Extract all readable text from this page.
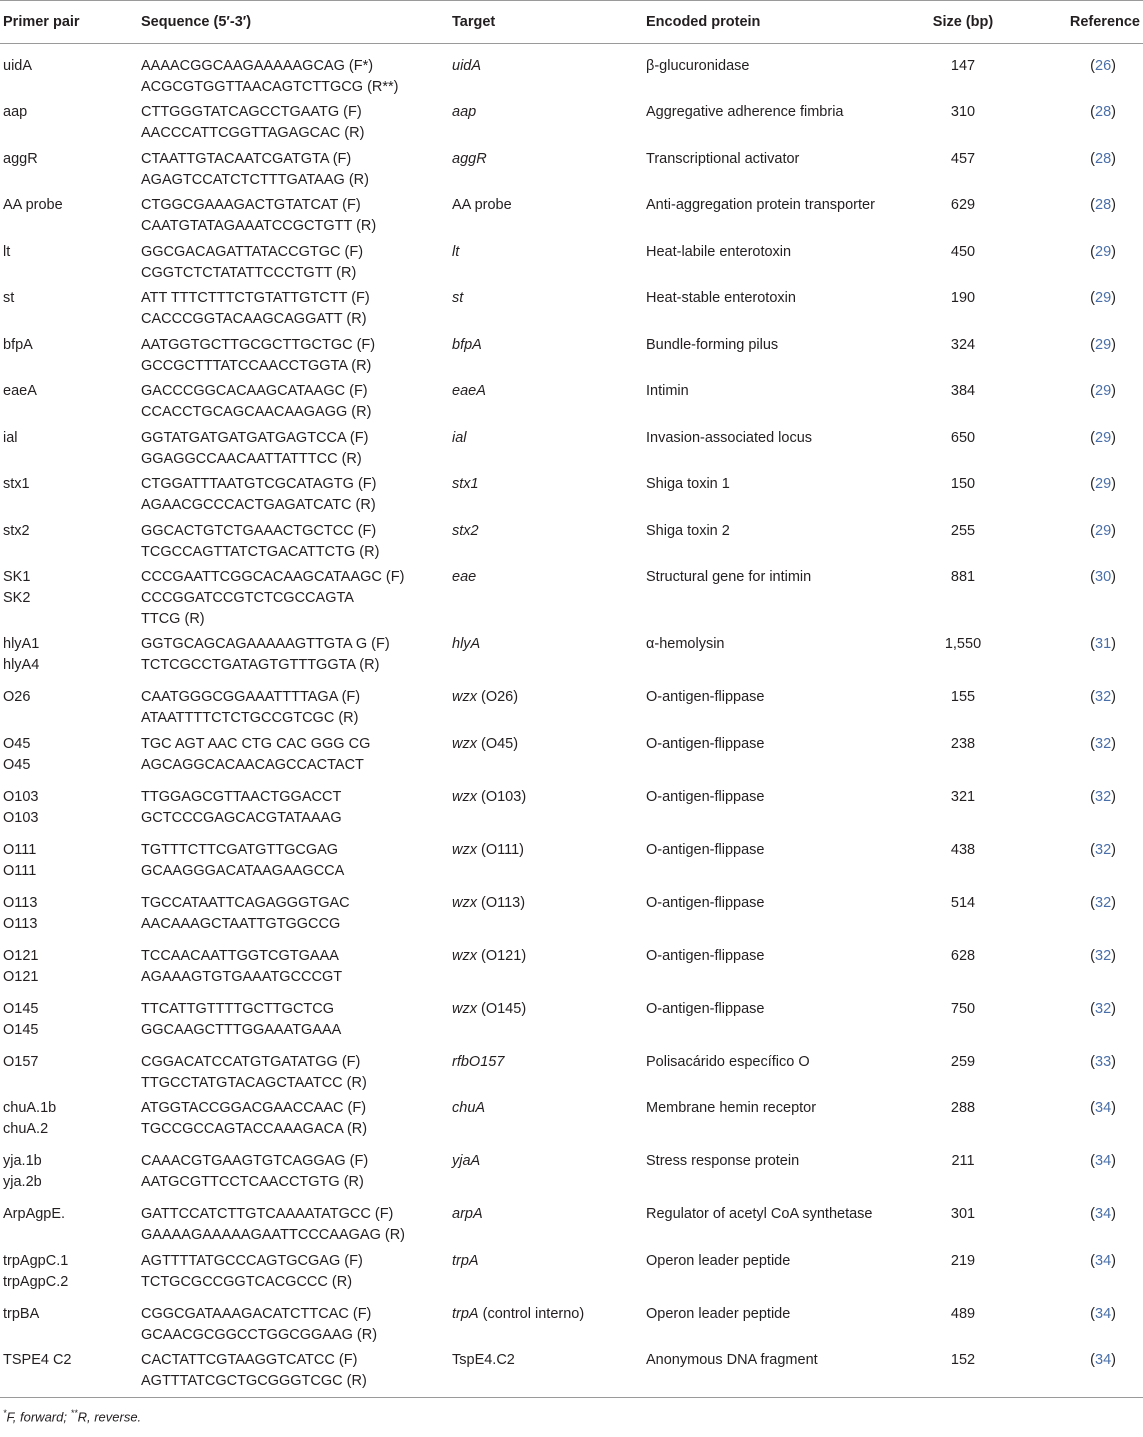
Primer pair	Sequence (5′-3′)	Target	Encoded protein	Size (bp)	Reference

uidA	AAAACGGCAAGAAAAAGCAG (F*)
ACGCGTGGTTAACAGTCTTGCG (R**)	uidA	β-glucuronidase	147	(26)

aap	CTTGGGTATCAGCCTGAATG (F)
AACCCATTCGGTTAGAGCAC (R)	aap	Aggregative adherence fimbria	310	(28)

aggR	CTAATTGTACAATCGATGTA (F)
AGAGTCCATCTCTTTGATAAG (R)	aggR	Transcriptional activator	457	(28)

AA probe	CTGGCGAAAGACTGTATCAT (F)
CAATGTATAGAAATCCGCTGTT (R)	AA probe	Anti-aggregation protein transporter	629	(28)

lt	GGCGACAGATTATACCGTGC (F)
CGGTCTCTATATTCCCTGTT (R)	lt	Heat-labile enterotoxin	450	(29)

st	ATT TTTCTTTCTGTATTGTCTT (F)
CACCCGGTACAAGCAGGATT (R)	st	Heat-stable enterotoxin	190	(29)

bfpA	AATGGTGCTTGCGCTTGCTGC (F)
GCCGCTTTATCCAACCTGGTA (R)	bfpA	Bundle-forming pilus	324	(29)

eaeA	GACCCGGCACAAGCATAAGC (F)
CCACCTGCAGCAACAAGAGG (R)	eaeA	Intimin	384	(29)

ial	GGTATGATGATGATGAGTCCA (F)
GGAGGCCAACAATTATTTCC (R)	ial	Invasion-associated locus	650	(29)

stx1	CTGGATTTAATGTCGCATAGTG (F)
AGAACGCCCACTGAGATCATC (R)	stx1	Shiga toxin 1	150	(29)

stx2	GGCACTGTCTGAAACTGCTCC (F)
TCGCCAGTTATCTGACATTCTG (R)	stx2	Shiga toxin 2	255	(29)

SK1
SK2	CCCGAATTCGGCACAAGCATAAGC (F)
CCCGGATCCGTCTCGCCAGTA
TTCG (R)	eae	Structural gene for intimin	881	(30)

hlyA1
hlyA4	GGTGCAGCAGAAAAAGTTGTA G (F)
TCTCGCCTGATAGTGTTTGGTA (R)	hlyA	α-hemolysin	1,550	(31)

O26	CAATGGGCGGAAATTTTAGA (F)
ATAATTTTCTCTGCCGTCGC (R)	wzx (O26)	O-antigen-flippase	155	(32)

O45
O45	TGC AGT AAC CTG CAC GGG CG
AGCAGGCACAACAGCCACTACT	wzx (O45)	O-antigen-flippase	238	(32)

O103
O103	TTGGAGCGTTAACTGGACCT
GCTCCCGAGCACGTATAAAG	wzx (O103)	O-antigen-flippase	321	(32)

O111
O111	TGTTTCTTCGATGTTGCGAG
GCAAGGGACATAAGAAGCCA	wzx (O111)	O-antigen-flippase	438	(32)

O113
O113	TGCCATAATTCAGAGGGTGAC
AACAAAGCTAATTGTGGCCG	wzx (O113)	O-antigen-flippase	514	(32)

O121
O121	TCCAACAATTGGTCGTGAAA
AGAAAGTGTGAAATGCCCGT	wzx (O121)	O-antigen-flippase	628	(32)

O145
O145	TTCATTGTTTTGCTTGCTCG
GGCAAGCTTTGGAAATGAAA	wzx (O145)	O-antigen-flippase	750	(32)

O157	CGGACATCCATGTGATATGG (F)
TTGCCTATGTACAGCTAATCC (R)	rfbO157	Polisacárido específico O	259	(33)

chuA.1b
chuA.2	ATGGTACCGGACGAACCAAC (F)
TGCCGCCAGTACCAAAGACA (R)	chuA	Membrane hemin receptor	288	(34)

yja.1b
yja.2b	CAAACGTGAAGTGTCAGGAG (F)
AATGCGTTCCTCAACCTGTG (R)	yjaA	Stress response protein	211	(34)

ArpAgpE.	GATTCCATCTTGTCAAAATATGCC (F)
GAAAAGAAAAAGAATTCCCAAGAG (R)	arpA	Regulator of acetyl CoA synthetase	301	(34)

trpAgpC.1
trpAgpC.2	AGTTTTATGCCCAGTGCGAG (F)
TCTGCGCCGGTCACGCCC (R)	trpA	Operon leader peptide	219	(34)

trpBA	CGGCGATAAAGACATCTTCAC (F)
GCAACGCGGCCTGGCGGAAG (R)	trpA (control interno)	Operon leader peptide	489	(34)

TSPE4 C2	CACTATTCGTAAGGTCATCC (F)
AGTTTATCGCTGCGGGTCGC (R)	TspE4.C2	Anonymous DNA fragment	152	(34)
*F, forward; **R, reverse.
